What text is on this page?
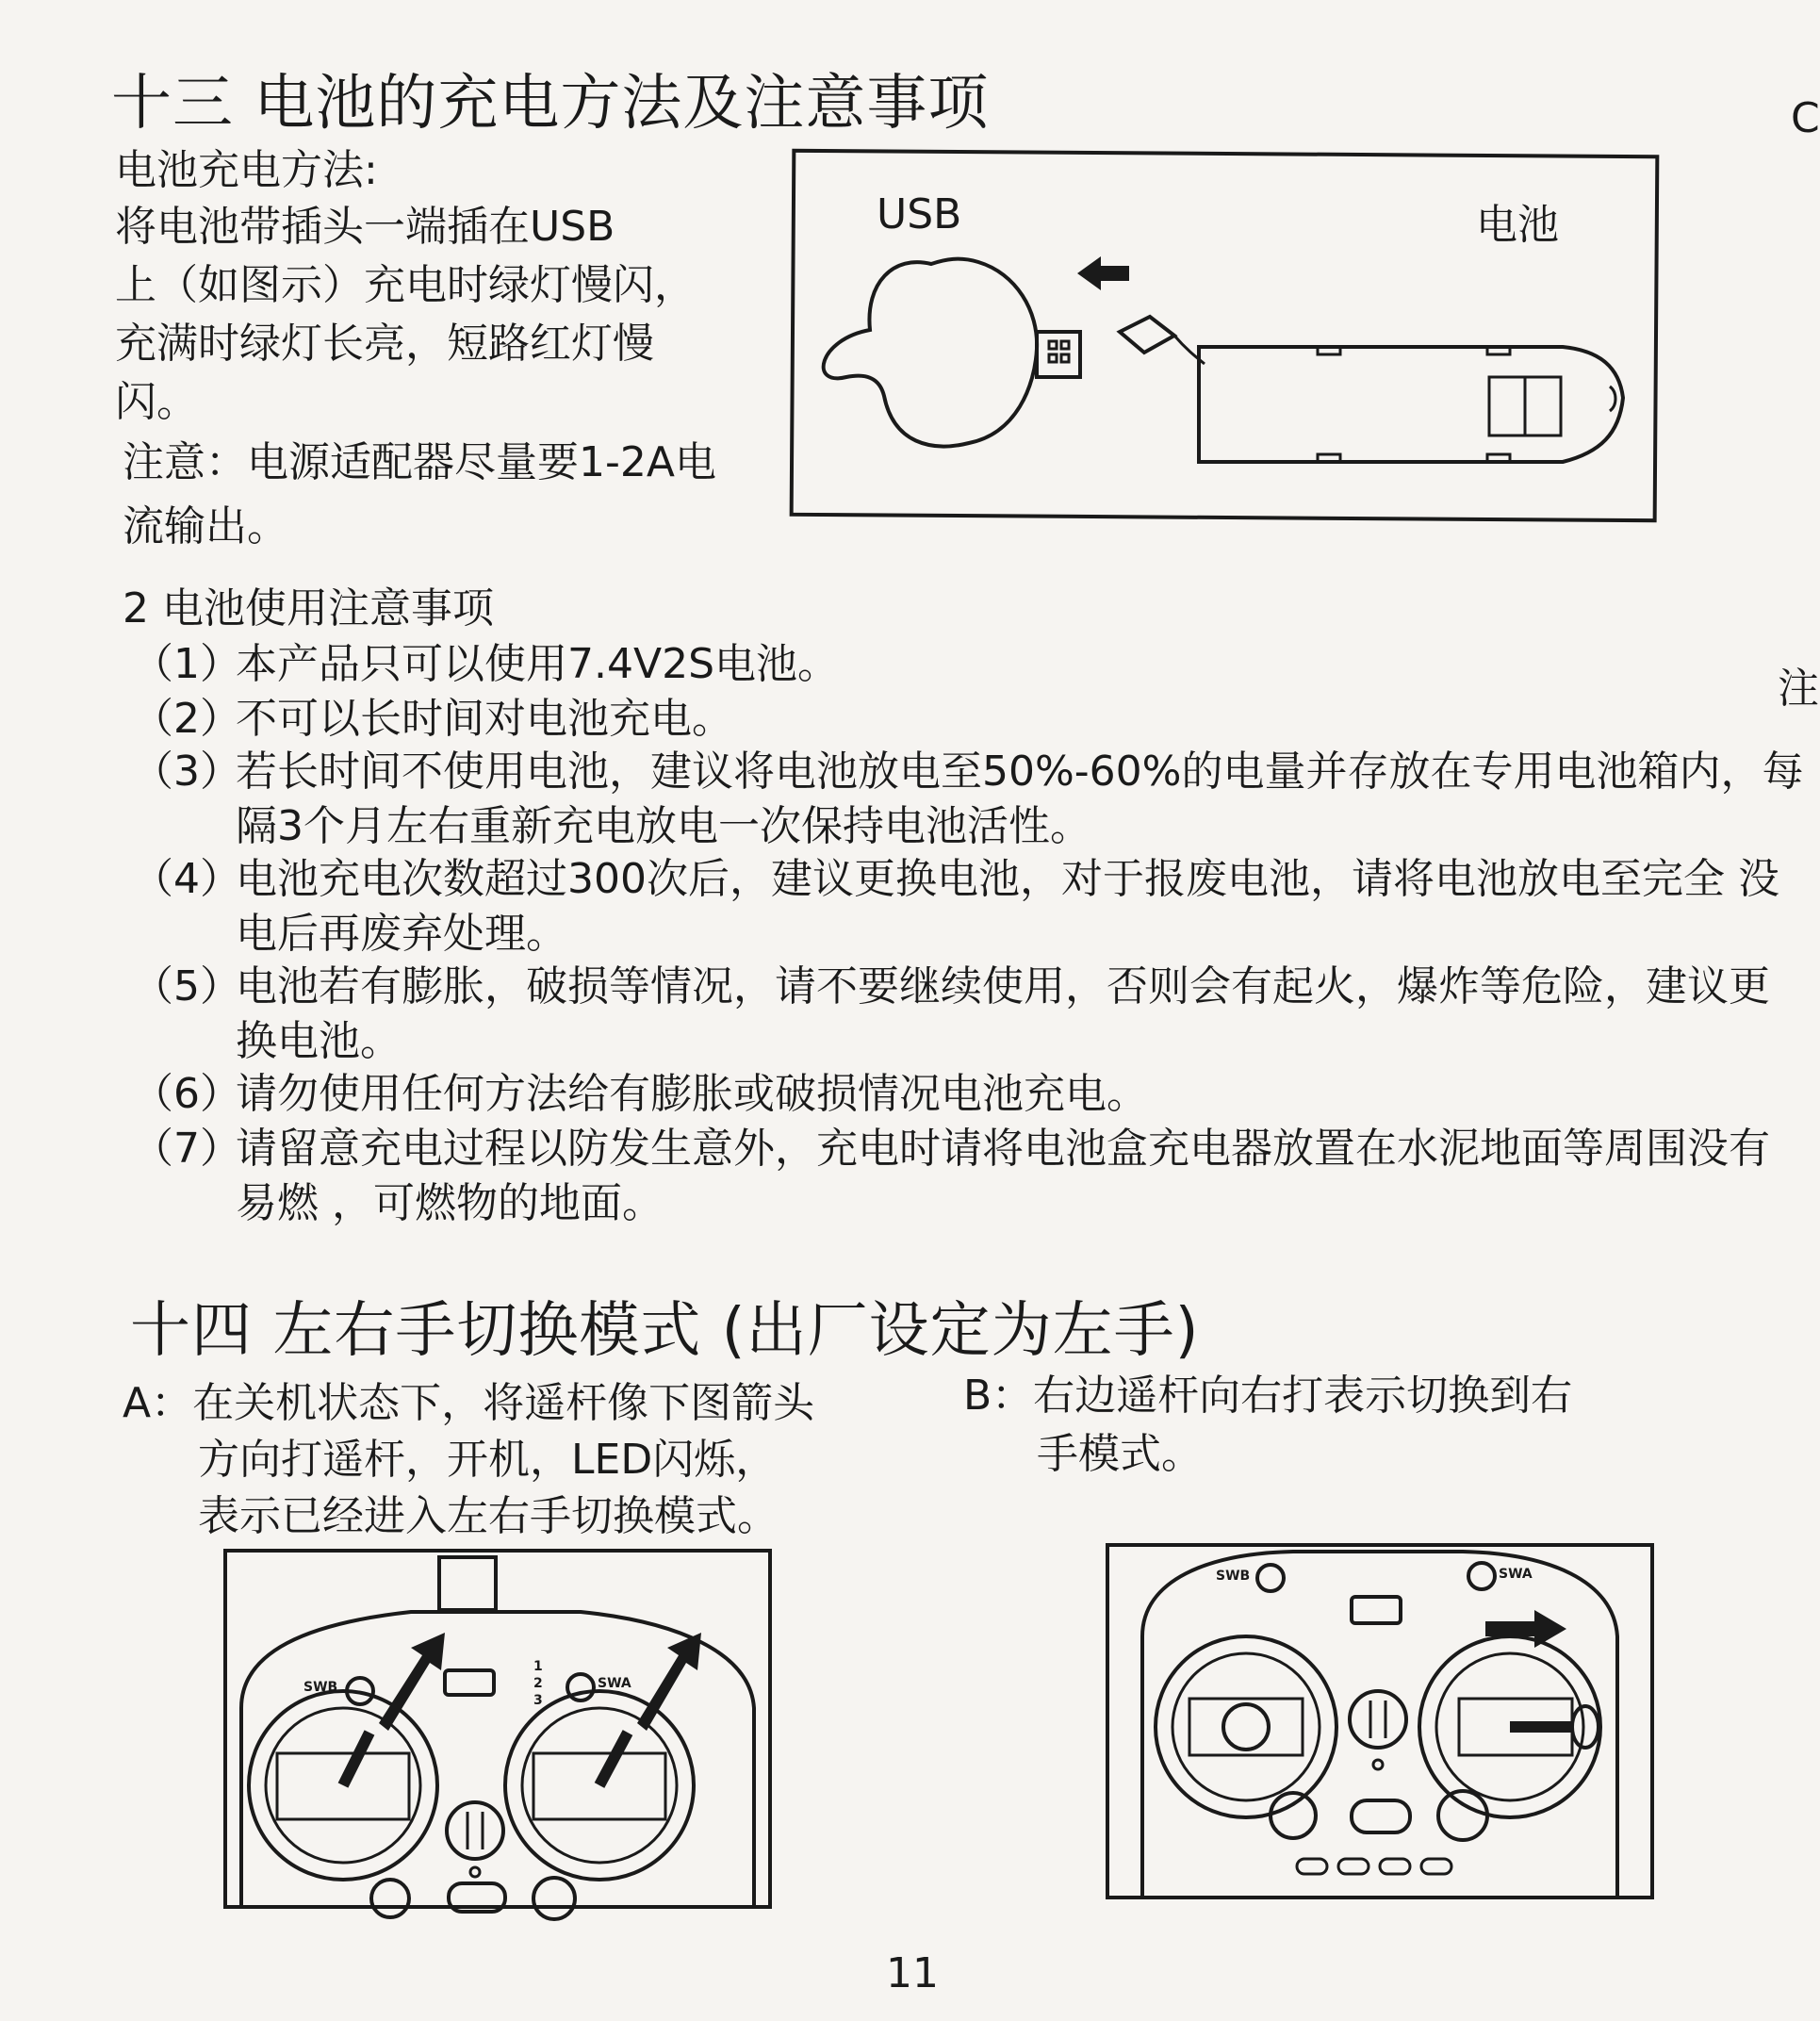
十三 电池的充电方法及注意事项
电池充电方法:
将电池带插头一端插在USB
上（如图示）充电时绿灯慢闪，
充满时绿灯长亮，短路红灯慢
闪。
注意：电源适配器尽量要1-2A电
流输出。
USB	电池
2 电池使用注意事项
（1）
本产品只可以使用7.4V2S电池。
（2）
不可以长时间对电池充电。
（3）
若长时间不使用电池，建议将电池放电至50%-60%的电量并存放在专用电池箱内，每隔3个月左右重新充电放电一次保持电池活性。
（4）
电池充电次数超过300次后，建议更换电池，对于报废电池，请将电池放电至完全 没电后再废弃处理。
（5）
电池若有膨胀，破损等情况，请不要继续使用，否则会有起火，爆炸等危险，建议更换电池。
（6）
请勿使用任何方法给有膨胀或破损情况电池充电。
（7）
请留意充电过程以防发生意外，充电时请将电池盒充电器放置在水泥地面等周围没有易燃 ，可燃物的地面。
十四 左右手切换模式 (出厂设定为左手)
A：在关机状态下，将遥杆像下图箭头
方向打遥杆，开机，LED闪烁，
表示已经进入左右手切换模式。
B：右边遥杆向右打表示切换到右
手模式。
SWB	SWA
1
2
3
SWB	SWA
C
注
11
